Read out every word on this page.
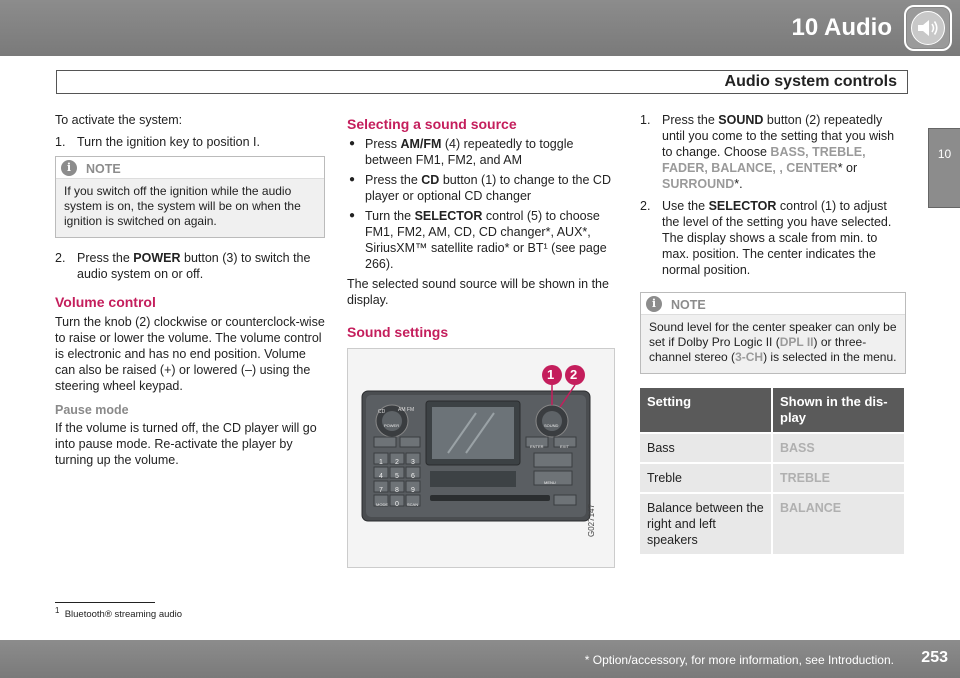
10 Audio
Audio system controls
10

To activate the system:

1. Turn the ignition key to position I.
i	NOTE
If you switch off the ignition while the audio system is on, the system will be on when the ignition is switched on again.
2. Press the POWER button (3) to switch the audio system on or off.
Volume control

Turn the knob (2) clockwise or counterclock-wise to raise or lower the volume. The volume control is electronic and has no end position. Volume can also be raised (+) or lowered (–) using the steering wheel keypad.

Pause mode

If the volume is turned off, the CD player will go into pause mode. Re-activate the player by turning up the volume.

Selecting a sound source
● Press AM/FM (4) repeatedly to toggle between FM1, FM2, and AM
● Press the CD button (1) to change to the CD player or optional CD changer
● Turn the SELECTOR control (5) to choose FM1, FM2, AM, CD, CD changer*, AUX*, SiriusXM™ satellite radio* or BT¹ (see page 266).

The selected sound source will be shown in the display.

Sound settings
CD	AM FM
POWER	SOUND
ENTER	EXIT
MENU
MODE	SCAN
1 2 3
4 5 6
7 8 9
0
1 2
G027147
1. Press the SOUND button (2) repeatedly until you come to the setting that you wish to change. Choose BASS, TREBLE, FADER, BALANCE, , CENTER* or SURROUND*.
2. Use the SELECTOR control (1) to adjust the level of the setting you have selected. The display shows a scale from min. to max. position. The center indicates the normal position.
i	NOTE
Sound level for the center speaker can only be set if Dolby Pro Logic II (DPL II) or three-channel stereo (3-CH) is selected in the menu.
Setting	Shown in the dis-play
Bass	BASS
Treble	TREBLE
Balance between the right and left speakers	BALANCE
$^1$ Bluetooth® streaming audio
* Option/accessory, for more information, see Introduction. 253
